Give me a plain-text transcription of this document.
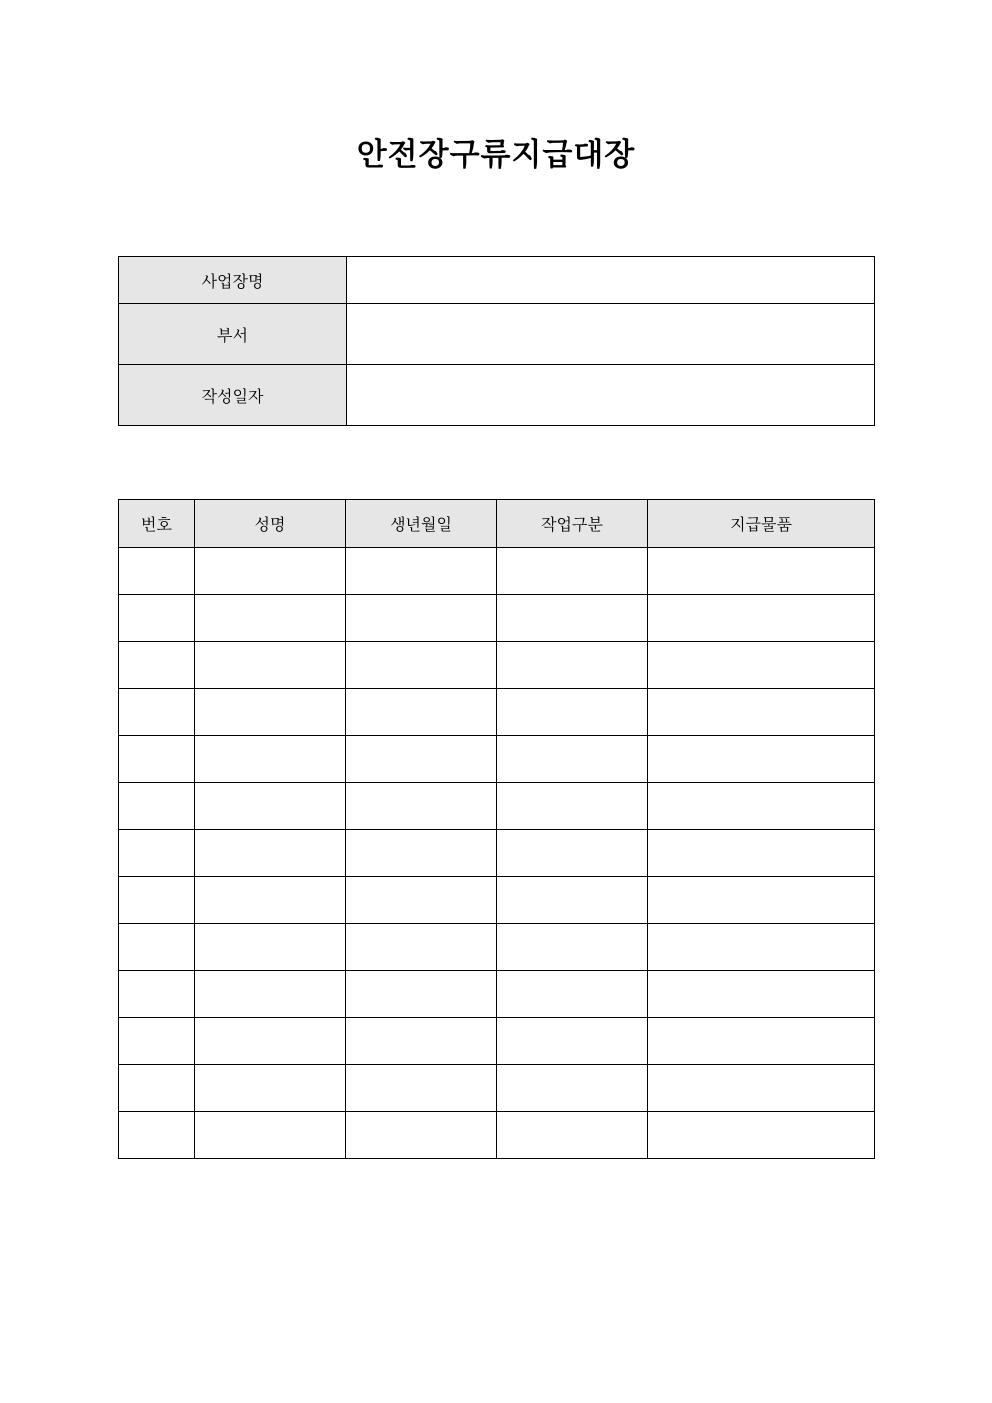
안전장구류지급대장
사업장명	
부서	
작성일자	
번호	성명	생년월일	작업구분	지급물품
